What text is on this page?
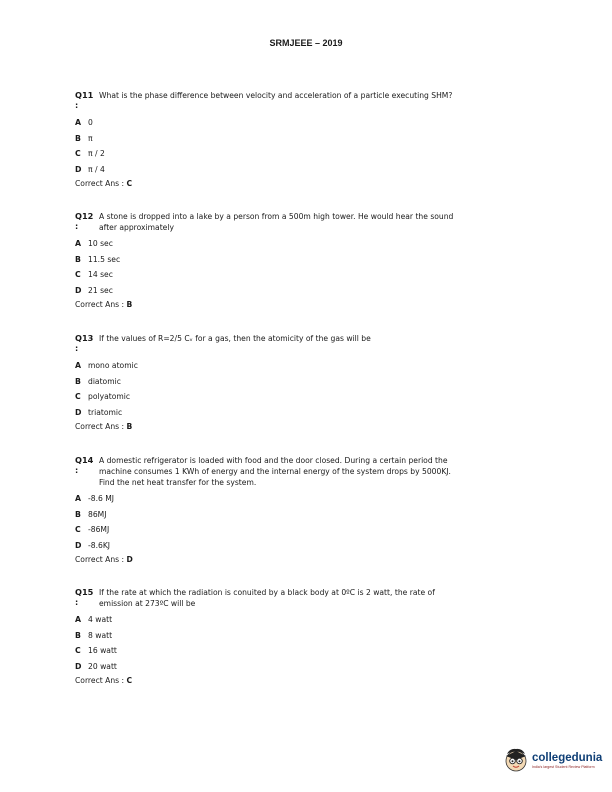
SRMJEEE – 2019
Q11 What is the phase difference between velocity and acceleration of a particle executing SHM?
:
A 0
B π
C π / 2
D π / 4
Correct Ans : C
Q12 A stone is dropped into a lake by a person from a 500m high tower. He would hear the sound
:	after approximately
A 10 sec
B 11.5 sec
C 14 sec
D 21 sec
Correct Ans : B
Q13 If the values of R=2/5 Cᵥ for a gas, then the atomicity of the gas will be
:
A mono atomic
B diatomic
C polyatomic
D triatomic
Correct Ans : B
Q14 A domestic refrigerator is loaded with food and the door closed. During a certain period the
:	machine consumes 1 KWh of energy and the internal energy of the system drops by 5000KJ.
Find the net heat transfer for the system.
A -8.6 MJ
B 86MJ
C -86MJ
D -8.6KJ
Correct Ans : D
Q15 If the rate at which the radiation is conuited by a black body at 0ºC is 2 watt, the rate of
:	emission at 273ºC will be
A 4 watt
B 8 watt
C 16 watt
D 20 watt
Correct Ans : C
collegedunia
India's largest Student Review Platform
